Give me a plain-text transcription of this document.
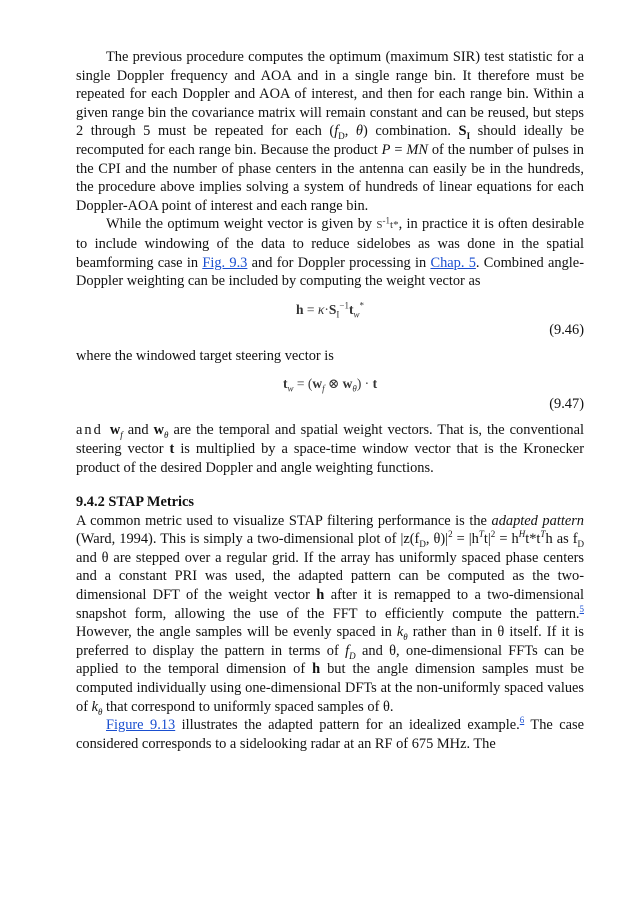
The previous procedure computes the optimum (maximum SIR) test statistic for a single Doppler frequency and AOA and in a single range bin. It therefore must be repeated for each Doppler and AOA of interest, and then for each range bin. Within a given range bin the covariance matrix will remain constant and can be reused, but steps 2 through 5 must be repeated for each ($f_D$, θ) combination. $S_I$ should ideally be recomputed for each range bin. Because the product P = MN of the number of pulses in the CPI and the number of phase centers in the antenna can easily be in the hundreds, the procedure above implies solving a system of hundreds of linear equations for each Doppler-AOA point of interest and each range bin.

While the optimum weight vector is given by $S^{-1}t*$, in practice it is often desirable to include windowing of the data to reduce sidelobes as was done in the spatial beamforming case in Fig. 9.3 and for Doppler processing in Chap. 5. Combined angle-Doppler weighting can be included by computing the weight vector as

$h = \kappa\cdot S_I^{-1}t_w^*$
(9.46)

where the windowed target steering vector is

$t_w = (w_f$ ⊗ $w_\theta) \cdot t$
(9.47)

and $w_f$ and $w_\theta$ are the temporal and spatial weight vectors. That is, the conventional steering vector t is multiplied by a space-time window vector that is the Kronecker product of the desired Doppler and angle weighting functions.

9.4.2 STAP Metrics

A common metric used to visualize STAP filtering performance is the adapted pattern (Ward, 1994). This is simply a two-dimensional plot of $|z(f_D$, $\theta)|^2 = |h^Tt|^2 = h^Ht*t^Th$ as $f_D$ and θ are stepped over a regular grid. If the array has uniformly spaced phase centers and a constant PRI was used, the adapted pattern can be computed as the two-dimensional DFT of the weight vector h after it is remapped to a two-dimensional snapshot form, allowing the use of the FFT to efficiently compute the pattern.$^5$ However, the angle samples will be evenly spaced in $k_\theta$ rather than in θ itself. If it is preferred to display the pattern in terms of $f_D$ and θ, one-dimensional FFTs can be applied to the temporal dimension of h but the angle dimension samples must be computed individually using one-dimensional DFTs at the non-uniformly spaced values of $k_\theta$ that correspond to uniformly spaced samples of θ.

Figure 9.13 illustrates the adapted pattern for an idealized example.$^6$ The case considered corresponds to a sidelooking radar at an RF of 675 MHz. The
